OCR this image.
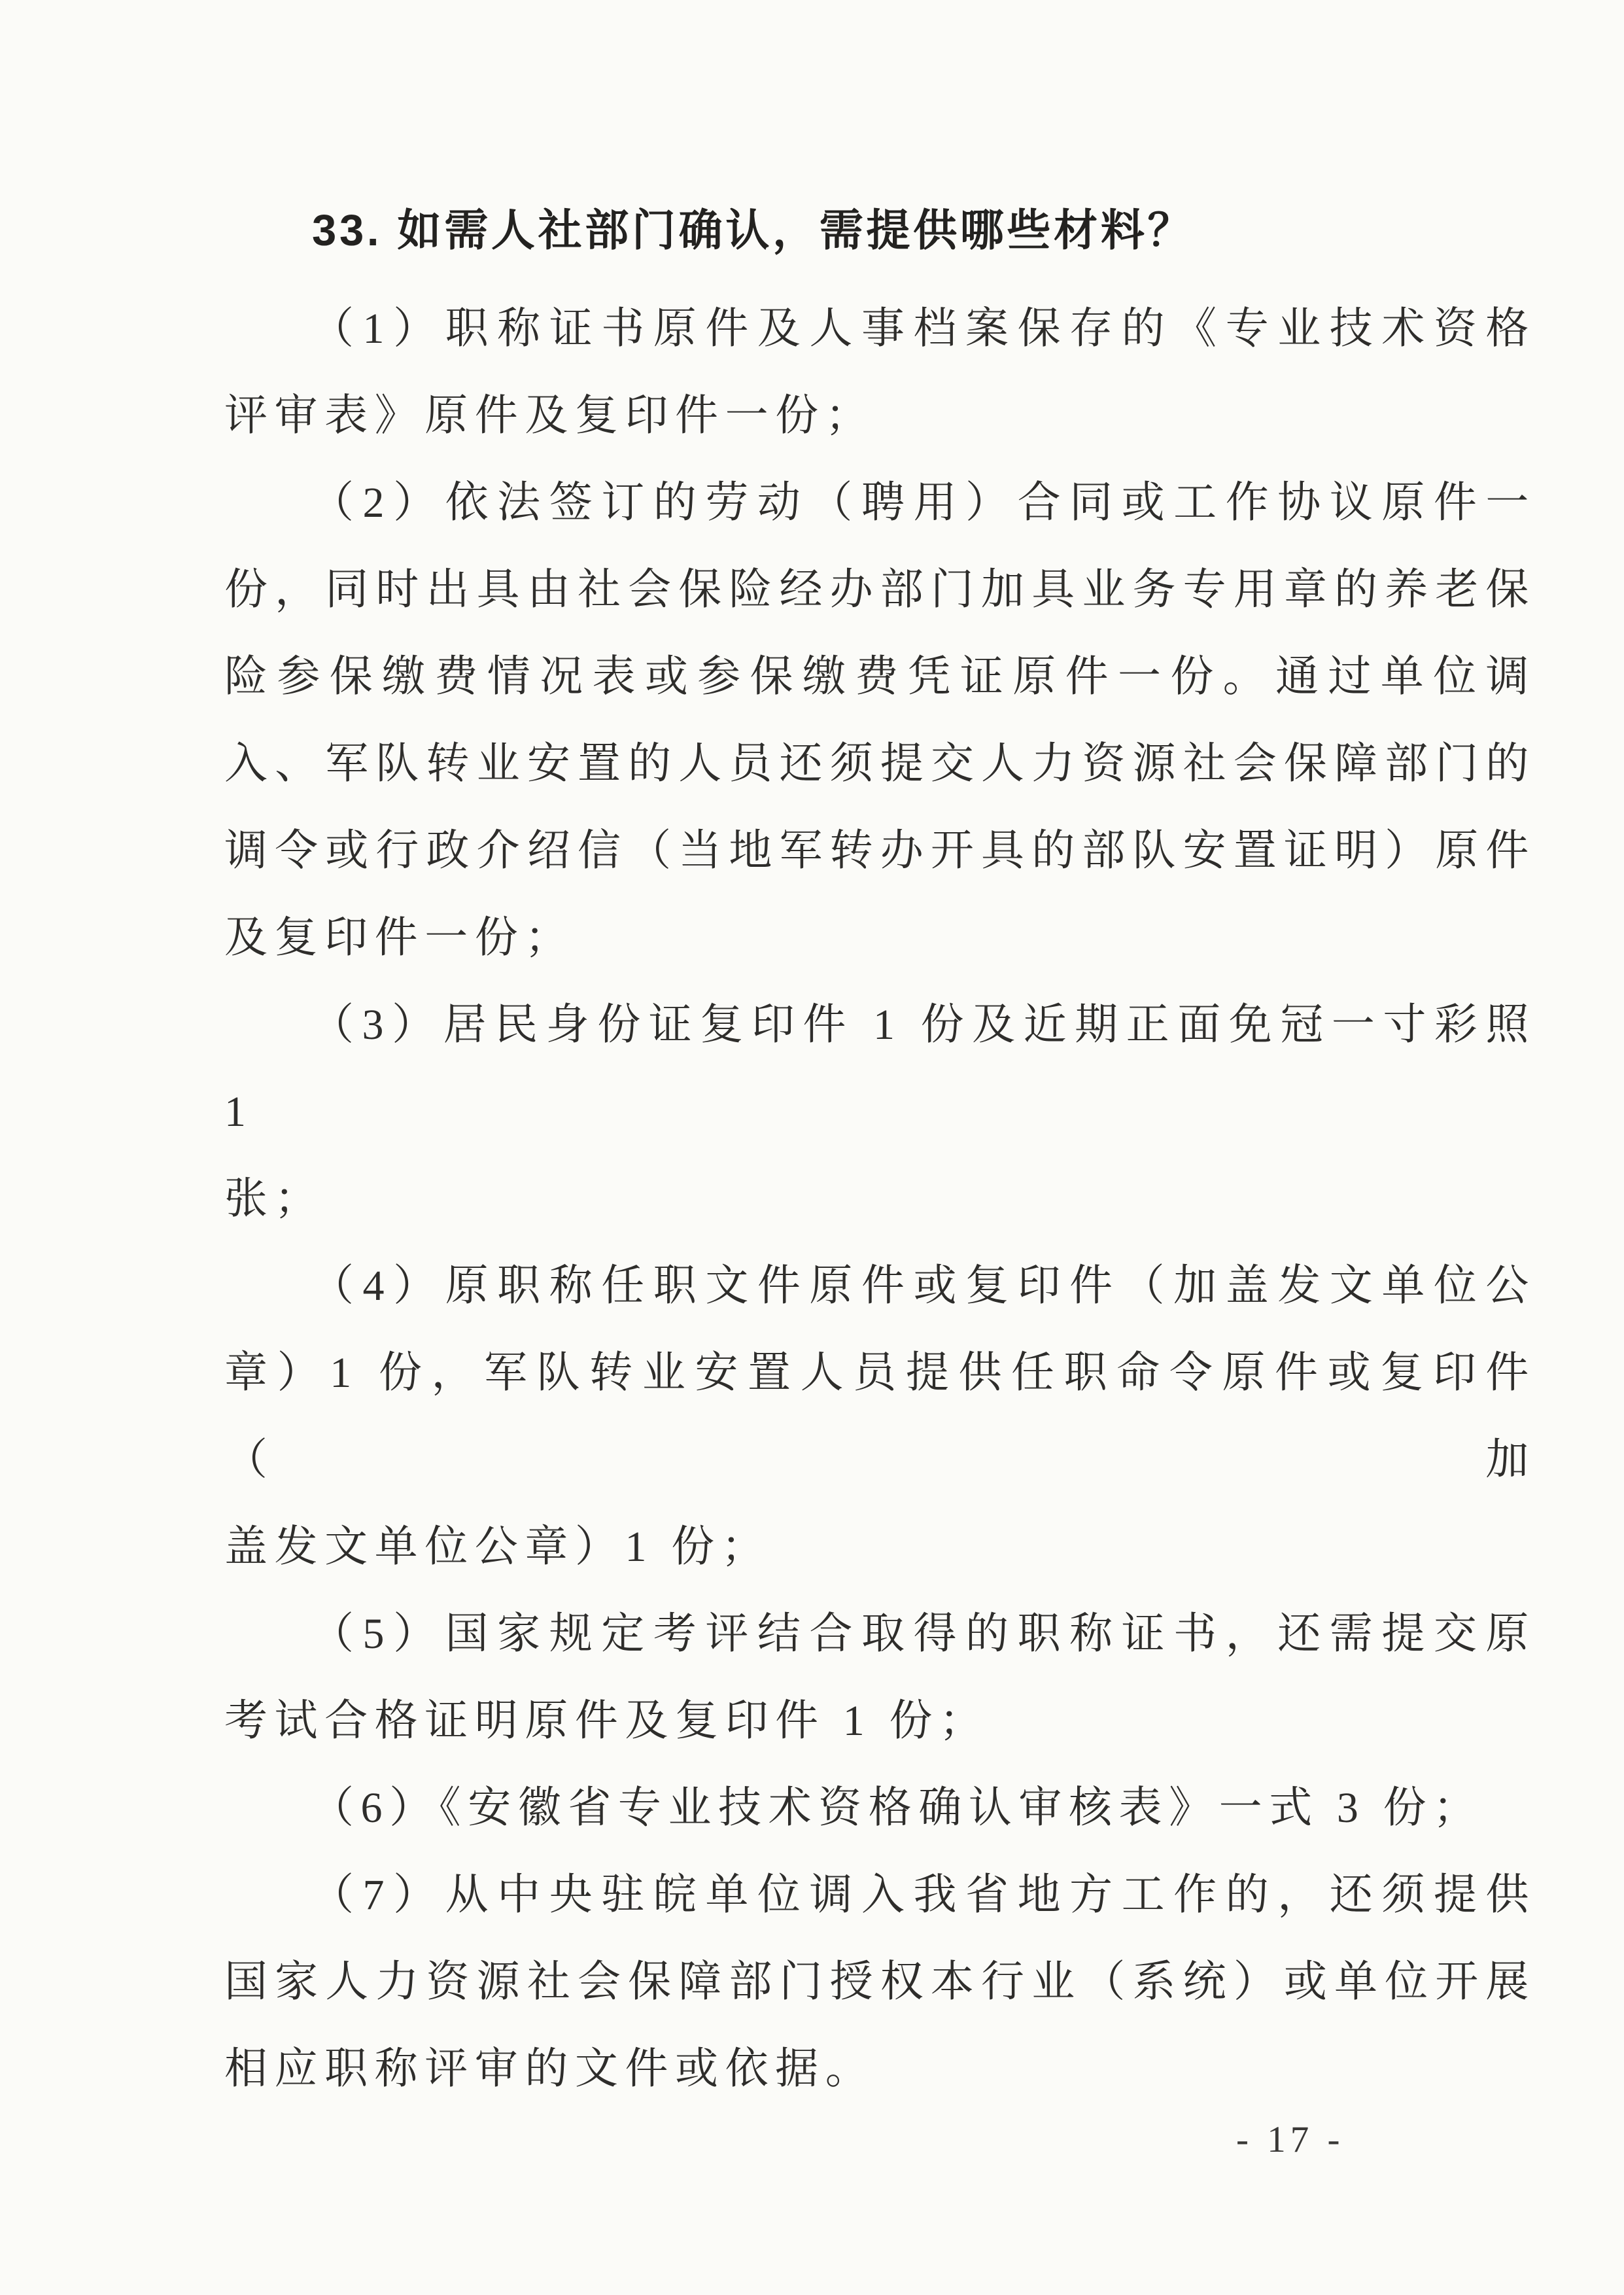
33. 如需人社部门确认，需提供哪些材料？
（1）职称证书原件及人事档案保存的《专业技术资格
评审表》原件及复印件一份；
（2）依法签订的劳动（聘用）合同或工作协议原件一
份，同时出具由社会保险经办部门加具业务专用章的养老保
险参保缴费情况表或参保缴费凭证原件一份。通过单位调
入、军队转业安置的人员还须提交人力资源社会保障部门的
调令或行政介绍信（当地军转办开具的部队安置证明）原件
及复印件一份；
（3）居民身份证复印件 1 份及近期正面免冠一寸彩照 1
张；
（4）原职称任职文件原件或复印件（加盖发文单位公
章）1 份，军队转业安置人员提供任职命令原件或复印件（加
盖发文单位公章）1 份；
（5）国家规定考评结合取得的职称证书，还需提交原
考试合格证明原件及复印件 1 份；
（6）《安徽省专业技术资格确认审核表》一式 3 份；
（7）从中央驻皖单位调入我省地方工作的，还须提供
国家人力资源社会保障部门授权本行业（系统）或单位开展
相应职称评审的文件或依据。
- 17 -
